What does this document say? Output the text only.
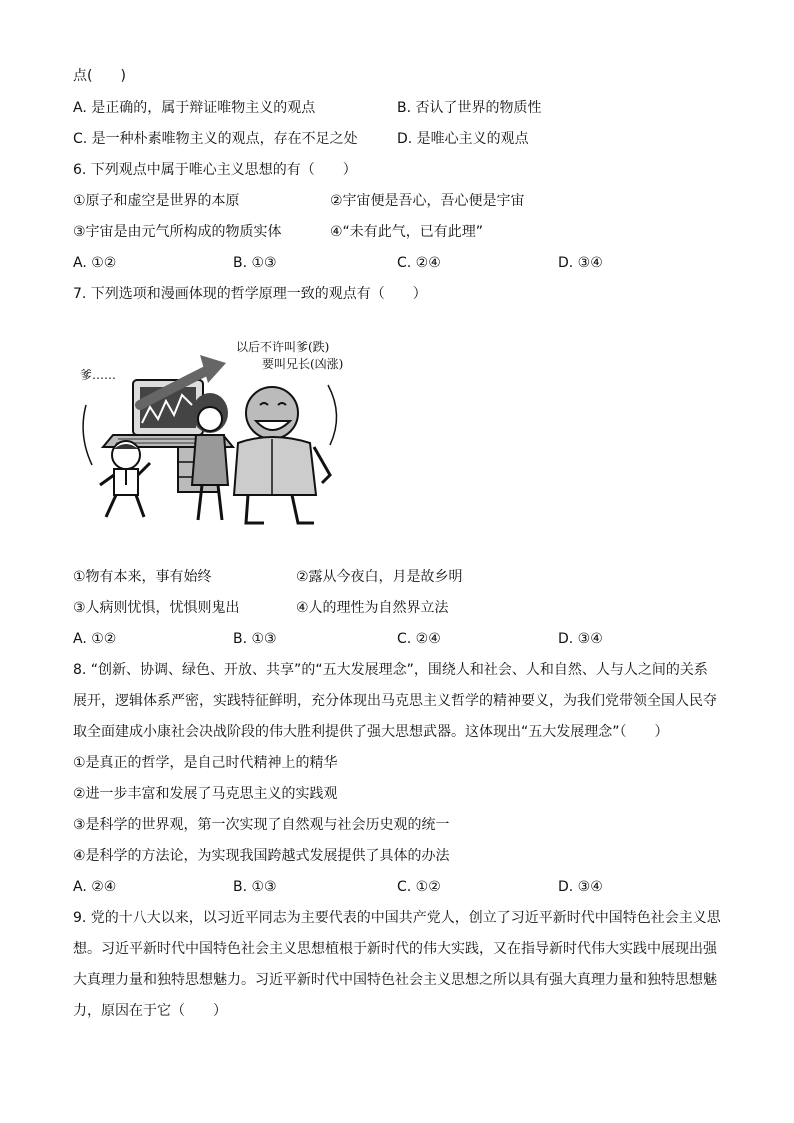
点(　　)
A. 是正确的，属于辩证唯物主义的观点	B. 否认了世界的物质性
C. 是一种朴素唯物主义的观点，存在不足之处	D. 是唯心主义的观点
6. 下列观点中属于唯心主义思想的有（　　）
①原子和虚空是世界的本原	②宇宙便是吾心，吾心便是宇宙
③宇宙是由元气所构成的物质实体	④“未有此气，已有此理”
A. ①②	B. ①③	C. ②④	D. ③④
7. 下列选项和漫画体现的哲学原理一致的观点有（　　）
以后不许叫爹(跌)
要叫兄长(凶涨)
爹……
①物有本来，事有始终	②露从今夜白，月是故乡明
③人病则忧惧，忧惧则鬼出	④人的理性为自然界立法
A. ①②	B. ①③	C. ②④	D. ③④
8. “创新、协调、绿色、开放、共享”的“五大发展理念”，围绕人和社会、人和自然、人与人之间的关系
展开，逻辑体系严密，实践特征鲜明，充分体现出马克思主义哲学的精神要义，为我们党带领全国人民夺
取全面建成小康社会决战阶段的伟大胜利提供了强大思想武器。这体现出“五大发展理念”（　　）
①是真正的哲学，是自己时代精神上的精华
②进一步丰富和发展了马克思主义的实践观
③是科学的世界观，第一次实现了自然观与社会历史观的统一
④是科学的方法论，为实现我国跨越式发展提供了具体的办法
A. ②④	B. ①③	C. ①②	D. ③④
9. 党的十八大以来，以习近平同志为主要代表的中国共产党人，创立了习近平新时代中国特色社会主义思
想。习近平新时代中国特色社会主义思想植根于新时代的伟大实践，又在指导新时代伟大实践中展现出强
大真理力量和独特思想魅力。习近平新时代中国特色社会主义思想之所以具有强大真理力量和独特思想魅
力，原因在于它（　　）
